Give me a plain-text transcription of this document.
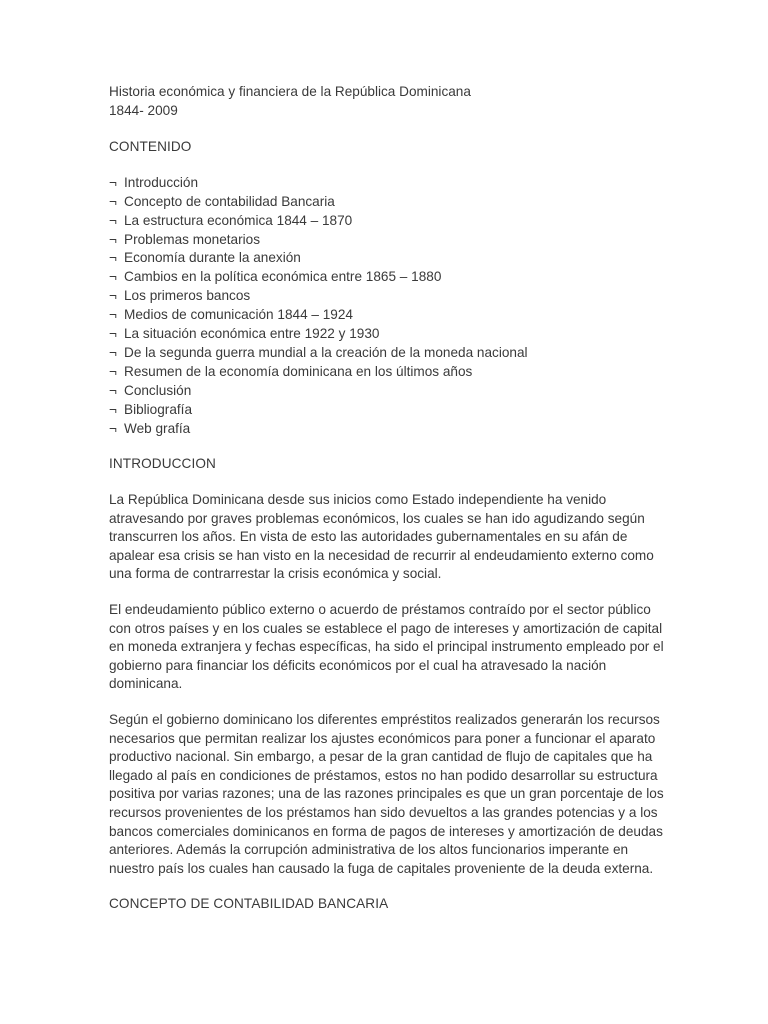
Historia económica y financiera de la República Dominicana
1844- 2009
CONTENIDO
¬ Introducción
¬ Concepto de contabilidad Bancaria
¬ La estructura económica 1844 – 1870
¬ Problemas monetarios
¬ Economía durante la anexión
¬ Cambios en la política económica entre 1865 – 1880
¬ Los primeros bancos
¬ Medios de comunicación 1844 – 1924
¬ La situación económica entre 1922 y 1930
¬ De la segunda guerra mundial a la creación de la moneda nacional
¬ Resumen de la economía dominicana en los últimos años
¬ Conclusión
¬ Bibliografía
¬ Web grafía
INTRODUCCION

La República Dominicana desde sus inicios como Estado independiente ha venido atravesando por graves problemas económicos, los cuales se han ido agudizando según transcurren los años. En vista de esto las autoridades gubernamentales en su afán de apalear esa crisis se han visto en la necesidad de recurrir al endeudamiento externo como una forma de contrarrestar la crisis económica y social.

El endeudamiento público externo o acuerdo de préstamos contraído por el sector público con otros países y en los cuales se establece el pago de intereses y amortización de capital en moneda extranjera y fechas específicas, ha sido el principal instrumento empleado por el gobierno para financiar los déficits económicos por el cual ha atravesado la nación dominicana.

Según el gobierno dominicano los diferentes empréstitos realizados generarán los recursos necesarios que permitan realizar los ajustes económicos para poner a funcionar el aparato productivo nacional. Sin embargo, a pesar de la gran cantidad de flujo de capitales que ha llegado al país en condiciones de préstamos, estos no han podido desarrollar su estructura positiva por varias razones; una de las razones principales es que un gran porcentaje de los recursos provenientes de los préstamos han sido devueltos a las grandes potencias y a los bancos comerciales dominicanos en forma de pagos de intereses y amortización de deudas anteriores. Además la corrupción administrativa de los altos funcionarios imperante en nuestro país los cuales han causado la fuga de capitales proveniente de la deuda externa.

CONCEPTO DE CONTABILIDAD BANCARIA
